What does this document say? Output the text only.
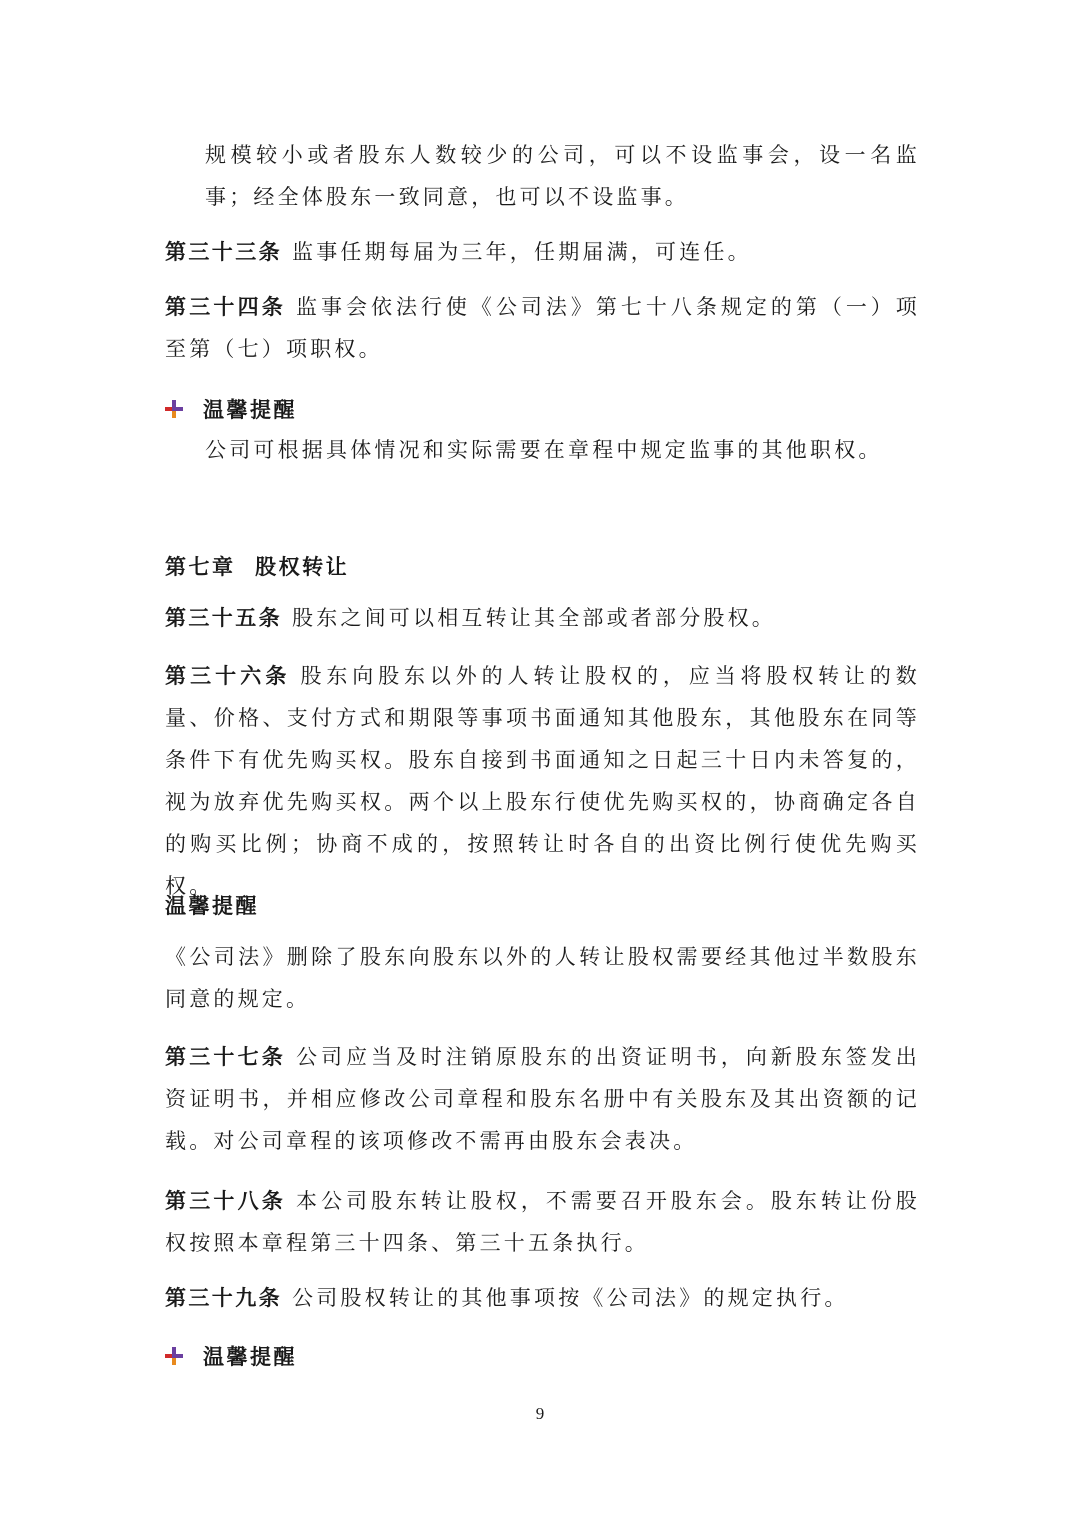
规模较小或者股东人数较少的公司，可以不设监事会，设一名监事；经全体股东一致同意，也可以不设监事。
第三十三条 监事任期每届为三年，任期届满，可连任。
第三十四条 监事会依法行使《公司法》第七十八条规定的第（一）项至第（七）项职权。
温馨提醒
公司可根据具体情况和实际需要在章程中规定监事的其他职权。
第七章  股权转让
第三十五条 股东之间可以相互转让其全部或者部分股权。
第三十六条 股东向股东以外的人转让股权的，应当将股权转让的数量、价格、支付方式和期限等事项书面通知其他股东，其他股东在同等条件下有优先购买权。股东自接到书面通知之日起三十日内未答复的，视为放弃优先购买权。两个以上股东行使优先购买权的，协商确定各自的购买比例；协商不成的，按照转让时各自的出资比例行使优先购买权。
温馨提醒
《公司法》删除了股东向股东以外的人转让股权需要经其他过半数股东同意的规定。
第三十七条 公司应当及时注销原股东的出资证明书，向新股东签发出资证明书，并相应修改公司章程和股东名册中有关股东及其出资额的记载。对公司章程的该项修改不需再由股东会表决。
第三十八条 本公司股东转让股权，不需要召开股东会。股东转让份股权按照本章程第三十四条、第三十五条执行。
第三十九条 公司股权转让的其他事项按《公司法》的规定执行。
温馨提醒
9
